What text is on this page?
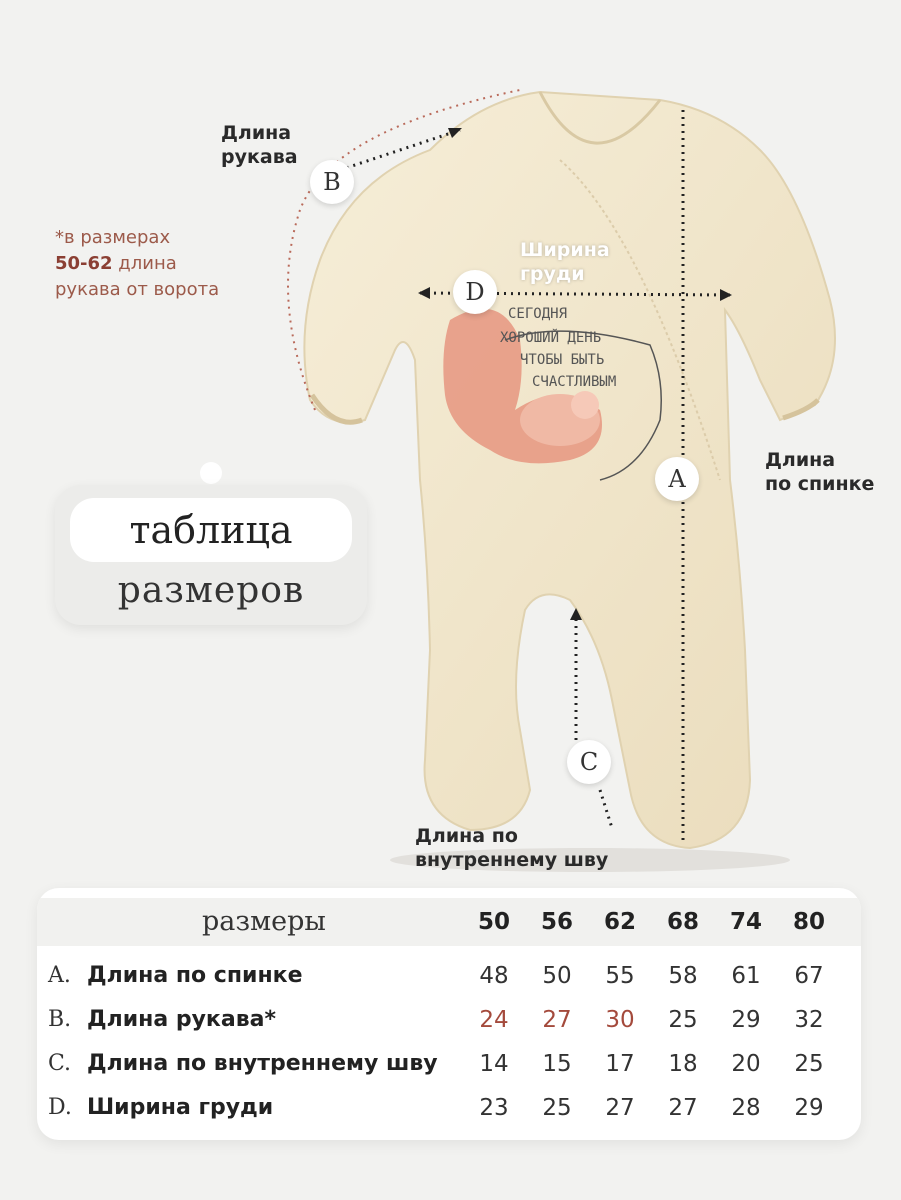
СЕГОДНЯ
ХОРОШИЙ ДЕНЬ
ЧТОБЫ БЫТЬ
СЧАСТЛИВЫМ
B
D
A
C
Длина
рукава
Ширина
груди
Длина
по спинке
Длина по
внутреннему шву
*в размерах
50-62 длина
рукава от ворота
таблица
размеров
размеры	50	56	62	68	74	80
A. Длина по спинке	48	50	55	58	61	67
B. Длина рукава*	24	27	30	25	29	32
C. Длина по внутреннему шву	14	15	17	18	20	25
D. Ширина груди	23	25	27	27	28	29
